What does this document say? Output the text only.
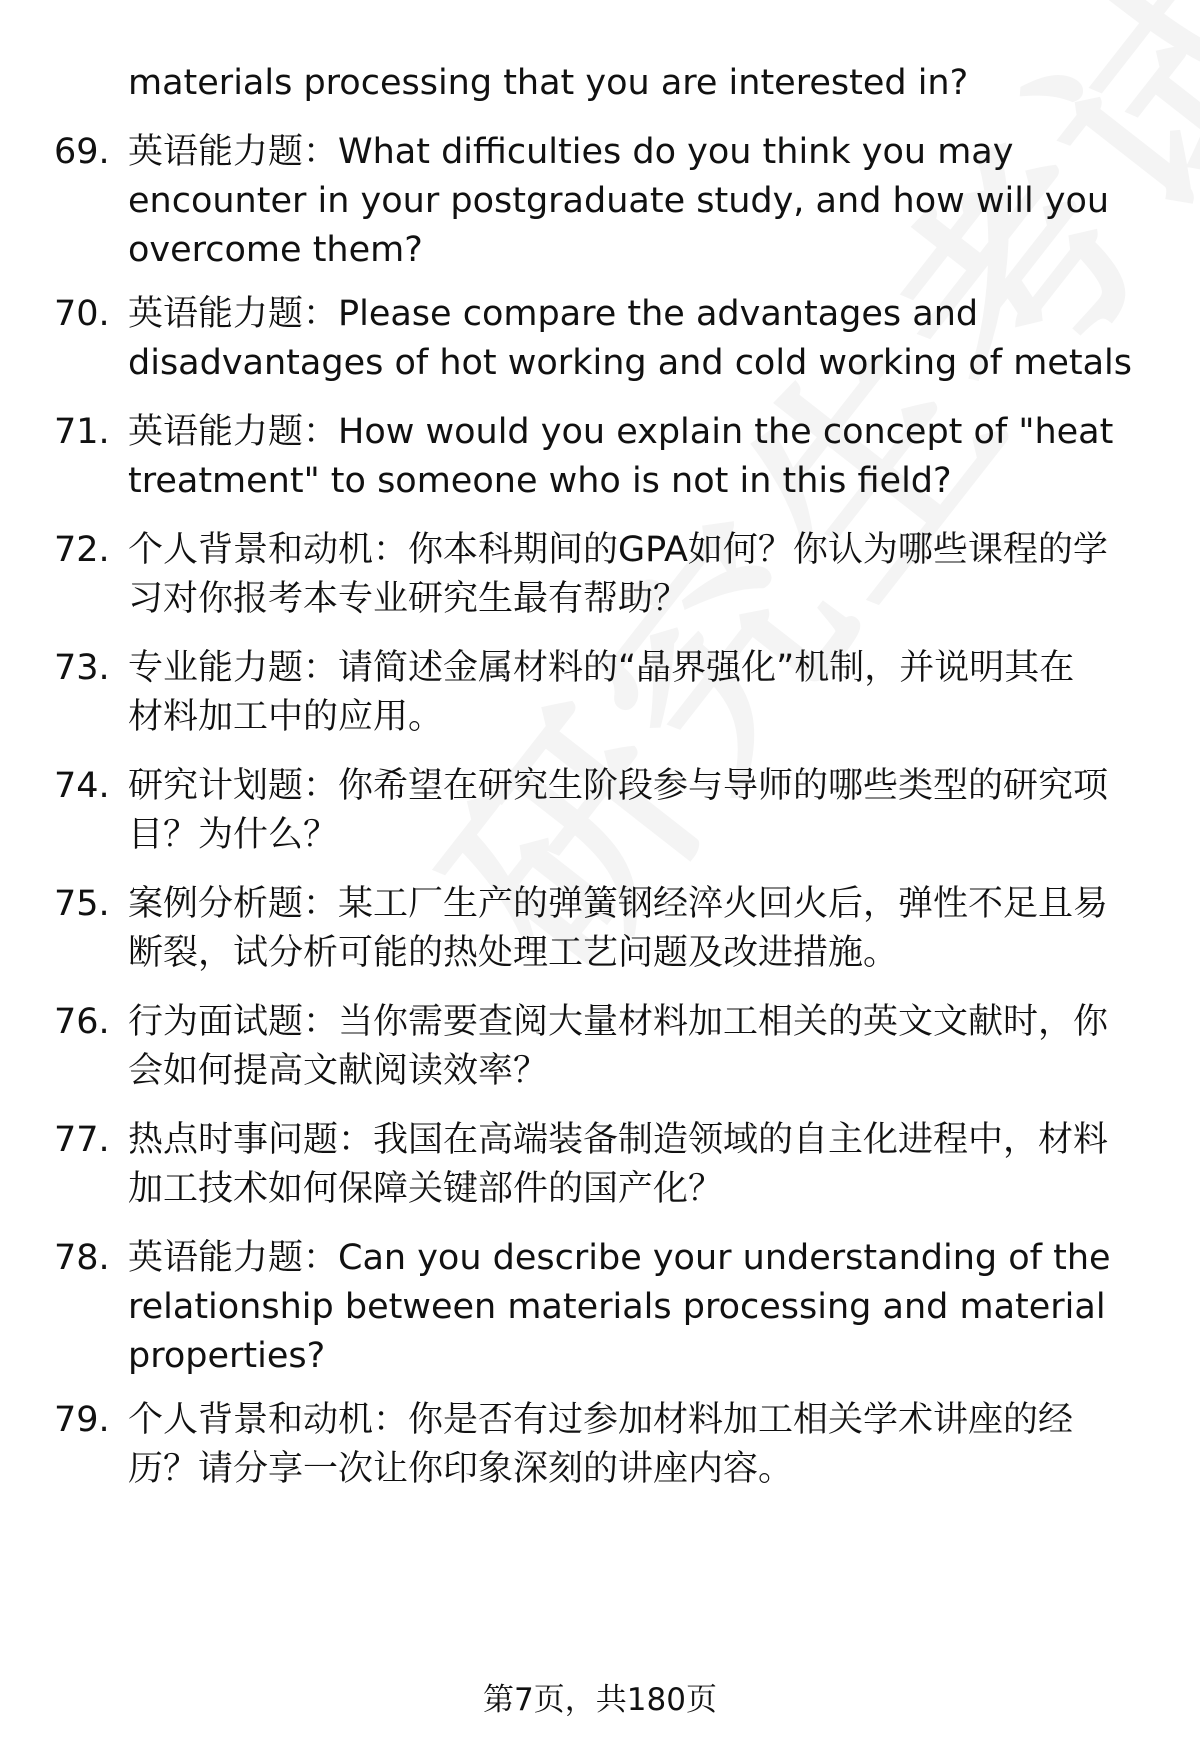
materials processing that you are interested in?
69. 英语能力题：What difficulties do you think you may
encounter in your postgraduate study, and how will you
overcome them?
70. 英语能力题：Please compare the advantages and
disadvantages of hot working and cold working of metals
71. 英语能力题：How would you explain the concept of "heat
treatment" to someone who is not in this field?
72. 个人背景和动机：你本科期间的GPA如何？你认为哪些课程的学
习对你报考本专业研究生最有帮助？
73. 专业能力题：请简述金属材料的“晶界强化”机制，并说明其在
材料加工中的应用。
74. 研究计划题：你希望在研究生阶段参与导师的哪些类型的研究项
目？为什么？
75. 案例分析题：某工厂生产的弹簧钢经淬火回火后，弹性不足且易
断裂，试分析可能的热处理工艺问题及改进措施。
76. 行为面试题：当你需要查阅大量材料加工相关的英文文献时，你
会如何提高文献阅读效率？
77. 热点时事问题：我国在高端装备制造领域的自主化进程中，材料
加工技术如何保障关键部件的国产化？
78. 英语能力题：Can you describe your understanding of the
relationship between materials processing and material
properties?
79. 个人背景和动机：你是否有过参加材料加工相关学术讲座的经
历？请分享一次让你印象深刻的讲座内容。
第7页，共180页
